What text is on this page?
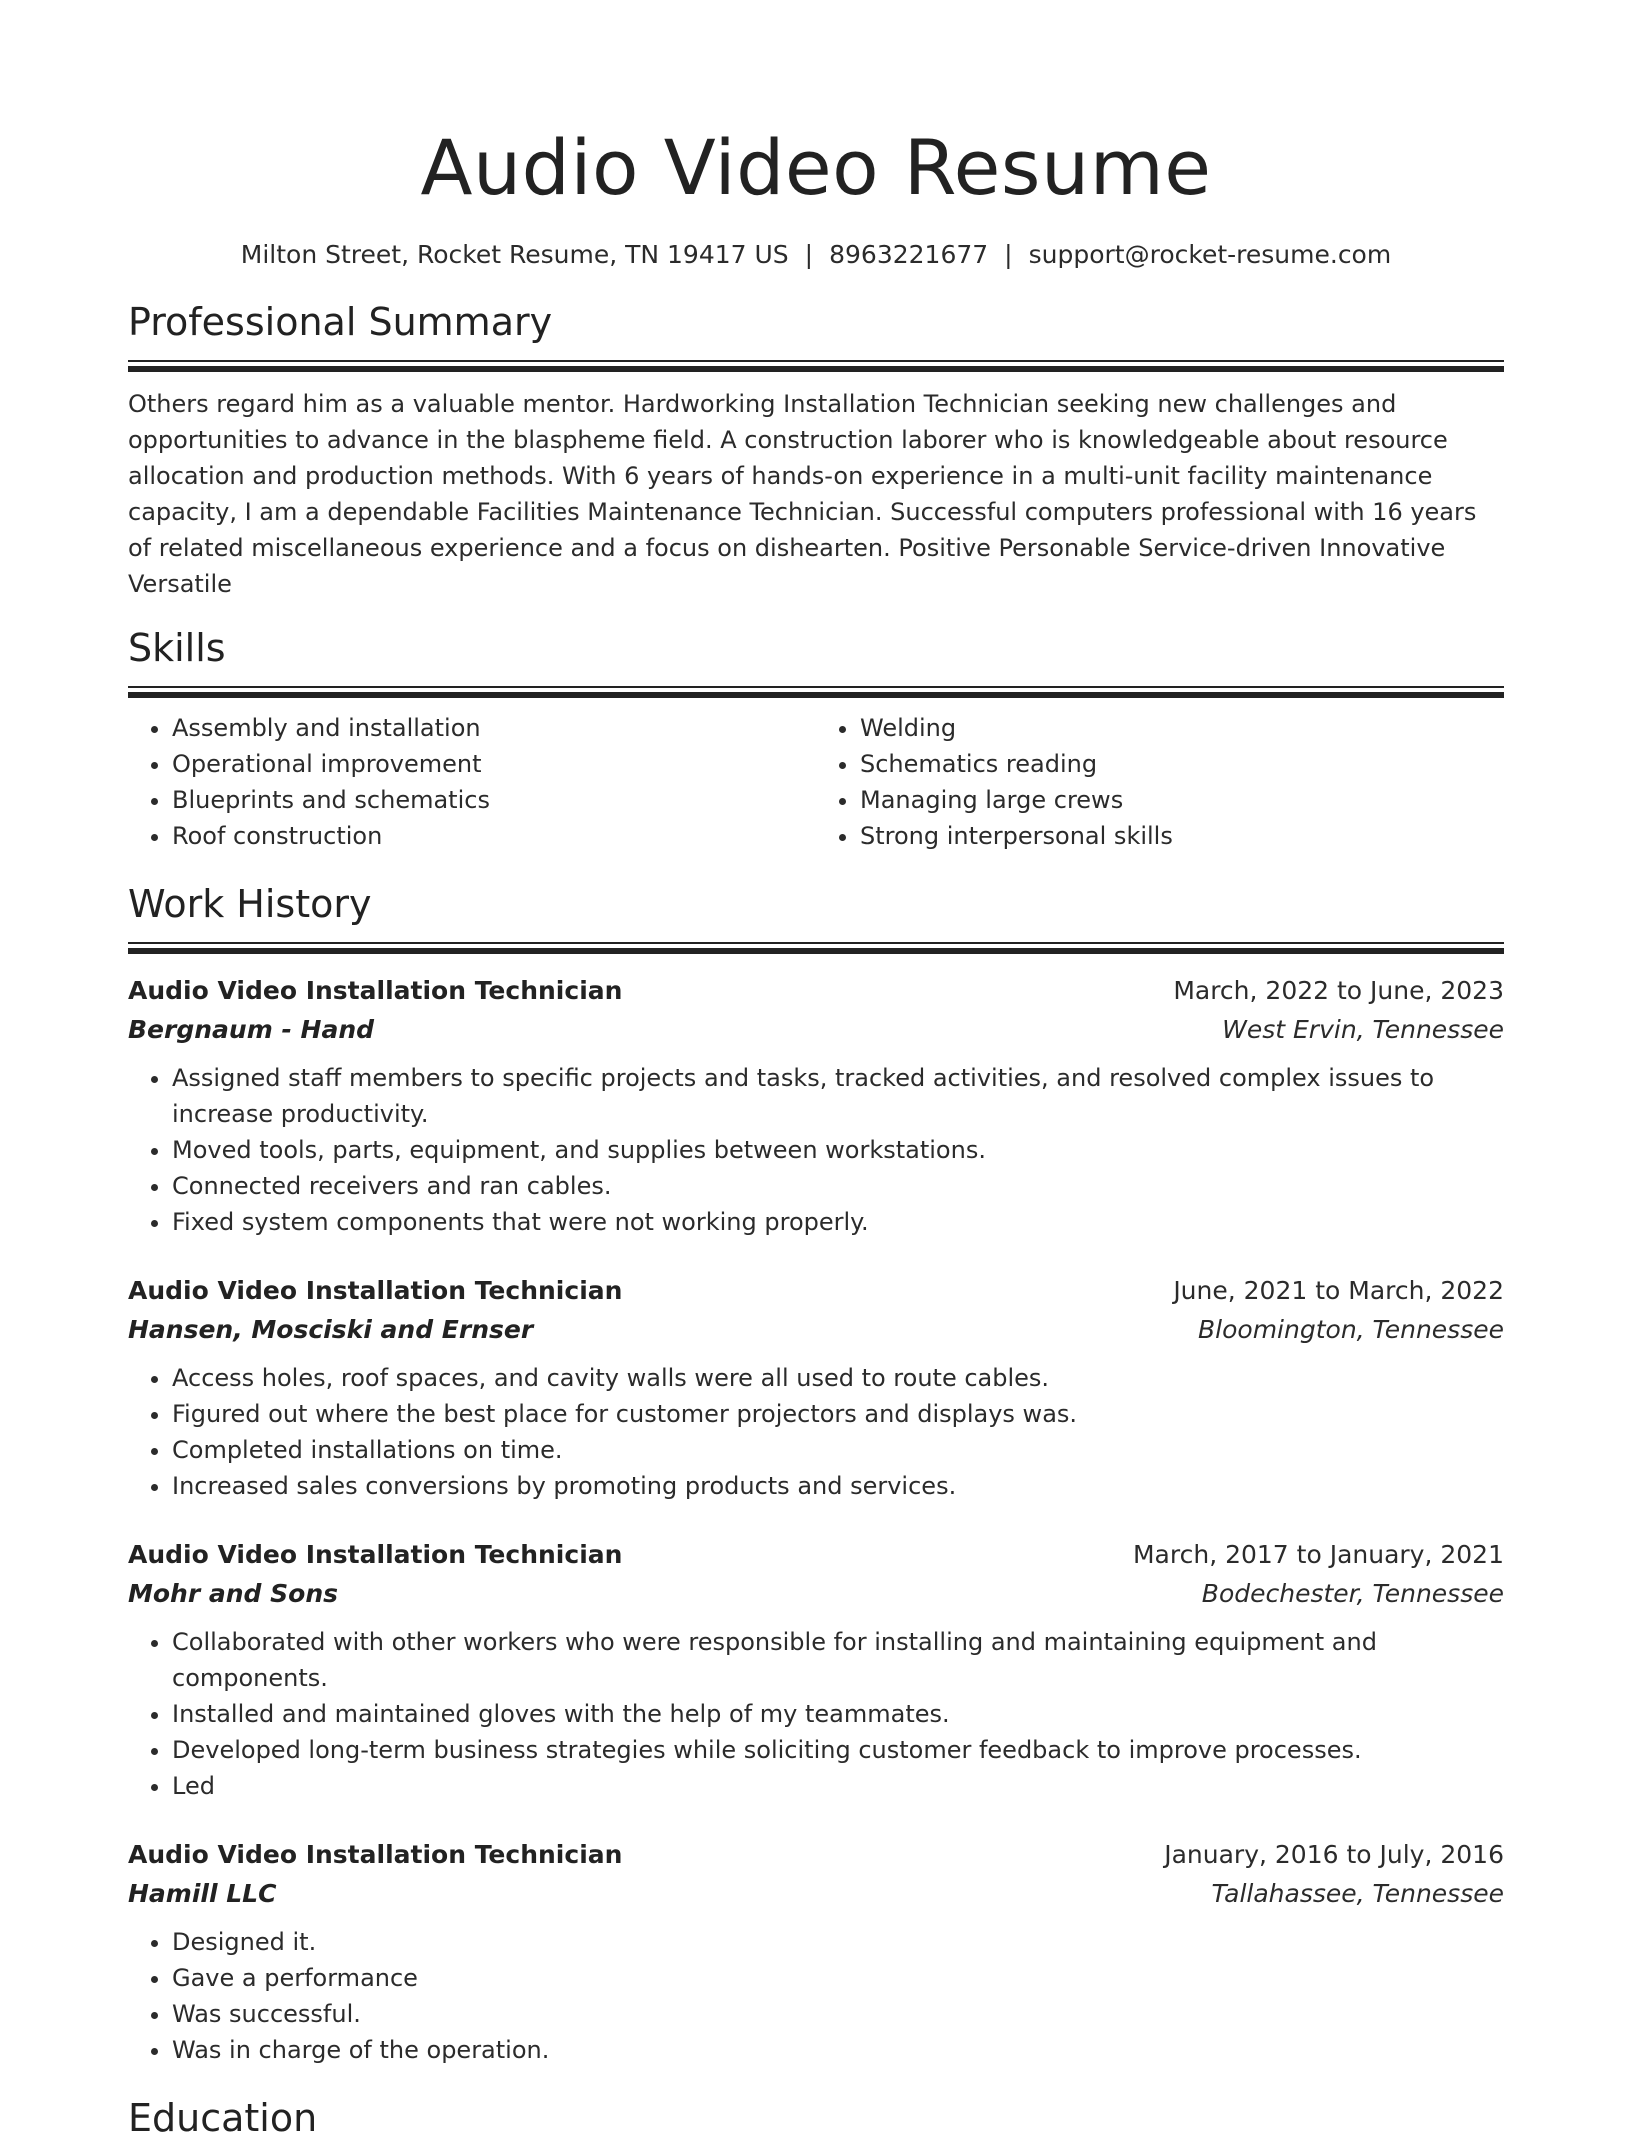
Audio Video Resume
Milton Street, Rocket Resume, TN 19417 US | 8963221677 | support@rocket-resume.com
Professional Summary

Others regard him as a valuable mentor. Hardworking Installation Technician seeking new challenges and opportunities to advance in the blaspheme field. A construction laborer who is knowledgeable about resource allocation and production methods. With 6 years of hands-on experience in a multi-unit facility maintenance capacity, I am a dependable Facilities Maintenance Technician. Successful computers professional with 16 years of related miscellaneous experience and a focus on dishearten. Positive Personable Service-driven Innovative Versatile

Skills
• Assembly and installation
• Operational improvement
• Blueprints and schematics
• Roof construction
• Welding
• Schematics reading
• Managing large crews
• Strong interpersonal skills
Work History
Audio Video Installation Technician	March, 2022 to June, 2023
Bergnaum - Hand	West Ervin, Tennessee
• Assigned staff members to specific projects and tasks, tracked activities, and resolved complex issues to increase productivity.
• Moved tools, parts, equipment, and supplies between workstations.
• Connected receivers and ran cables.
• Fixed system components that were not working properly.
Audio Video Installation Technician	June, 2021 to March, 2022
Hansen, Mosciski and Ernser	Bloomington, Tennessee
• Access holes, roof spaces, and cavity walls were all used to route cables.
• Figured out where the best place for customer projectors and displays was.
• Completed installations on time.
• Increased sales conversions by promoting products and services.
Audio Video Installation Technician	March, 2017 to January, 2021
Mohr and Sons	Bodechester, Tennessee
• Collaborated with other workers who were responsible for installing and maintaining equipment and components.
• Installed and maintained gloves with the help of my teammates.
• Developed long-term business strategies while soliciting customer feedback to improve processes.
• Led
Audio Video Installation Technician	January, 2016 to July, 2016
Hamill LLC	Tallahassee, Tennessee
• Designed it.
• Gave a performance
• Was successful.
• Was in charge of the operation.
Education
